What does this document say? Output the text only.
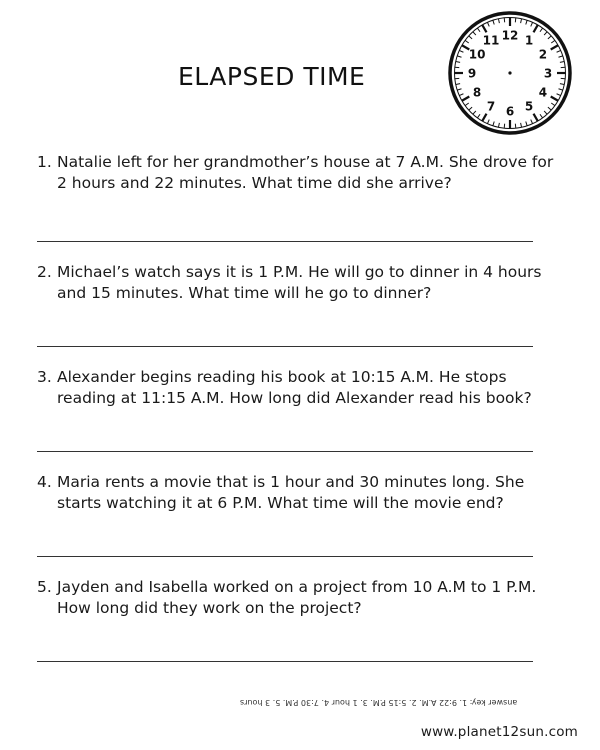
ELAPSED TIME
12 1
2
3
4
5
6
7
8
9
10
11
1. Natalie left for her grandmother’s house at 7 A.M. She drove for 2 hours and 22 minutes. What time did she arrive?
2. Michael’s watch says it is 1 P.M. He will go to dinner in 4 hours and 15 minutes. What time will he go to dinner?
3. Alexander begins reading his book at 10:15 A.M. He stops reading at 11:15 A.M. How long did Alexander read his book?
4. Maria rents a movie that is 1 hour and 30 minutes long. She starts watching it at 6 P.M. What time will the movie end?
5. Jayden and Isabella worked on a project from 10 A.M to 1 P.M. How long did they work on the project?
answer key: 1. 9:22 A.M. 2. 5:15 P.M. 3. 1 hour 4. 7:30 P.M. 5. 3 hours
www.planet12sun.com
